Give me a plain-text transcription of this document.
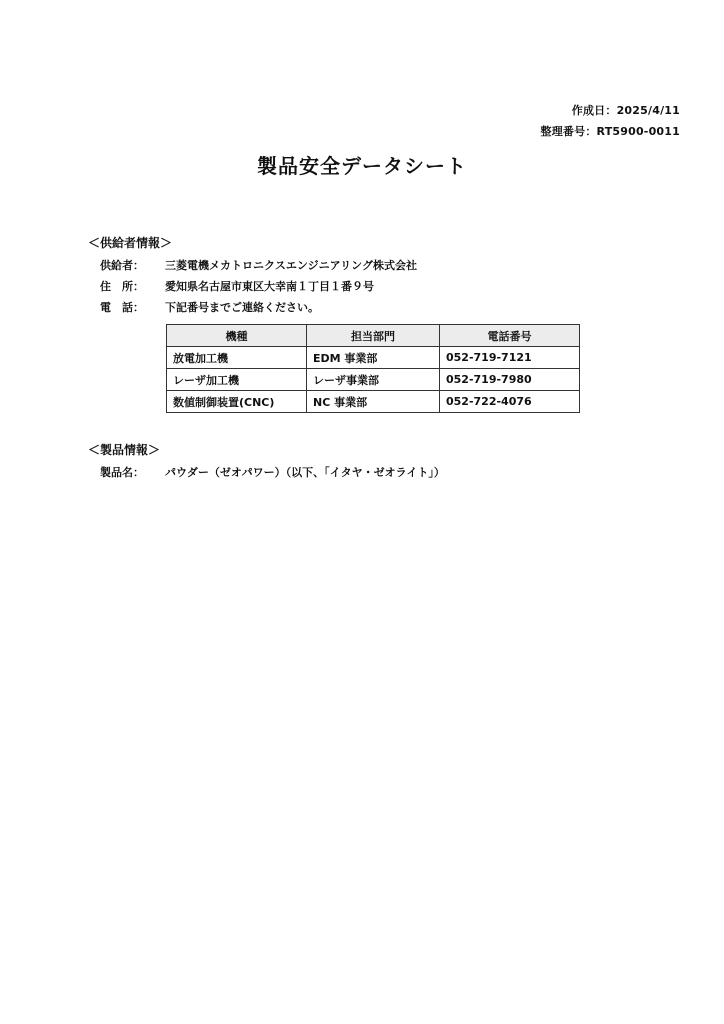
作成日：2025/4/11
整理番号：RT5900-0011
製品安全データシート
＜供給者情報＞
供給者：	三菱電機メカトロニクスエンジニアリング株式会社
住　所：	愛知県名古屋市東区大幸南１丁目１番９号
電　話：	下記番号までご連絡ください。
機種	担当部門	電話番号
放電加工機	EDM 事業部	052-719-7121
レーザ加工機	レーザ事業部	052-719-7980
数値制御装置(CNC)	NC 事業部	052-722-4076
＜製品情報＞
製品名：	パウダー（ゼオパワー）（以下、「イタヤ・ゼオライト」）
